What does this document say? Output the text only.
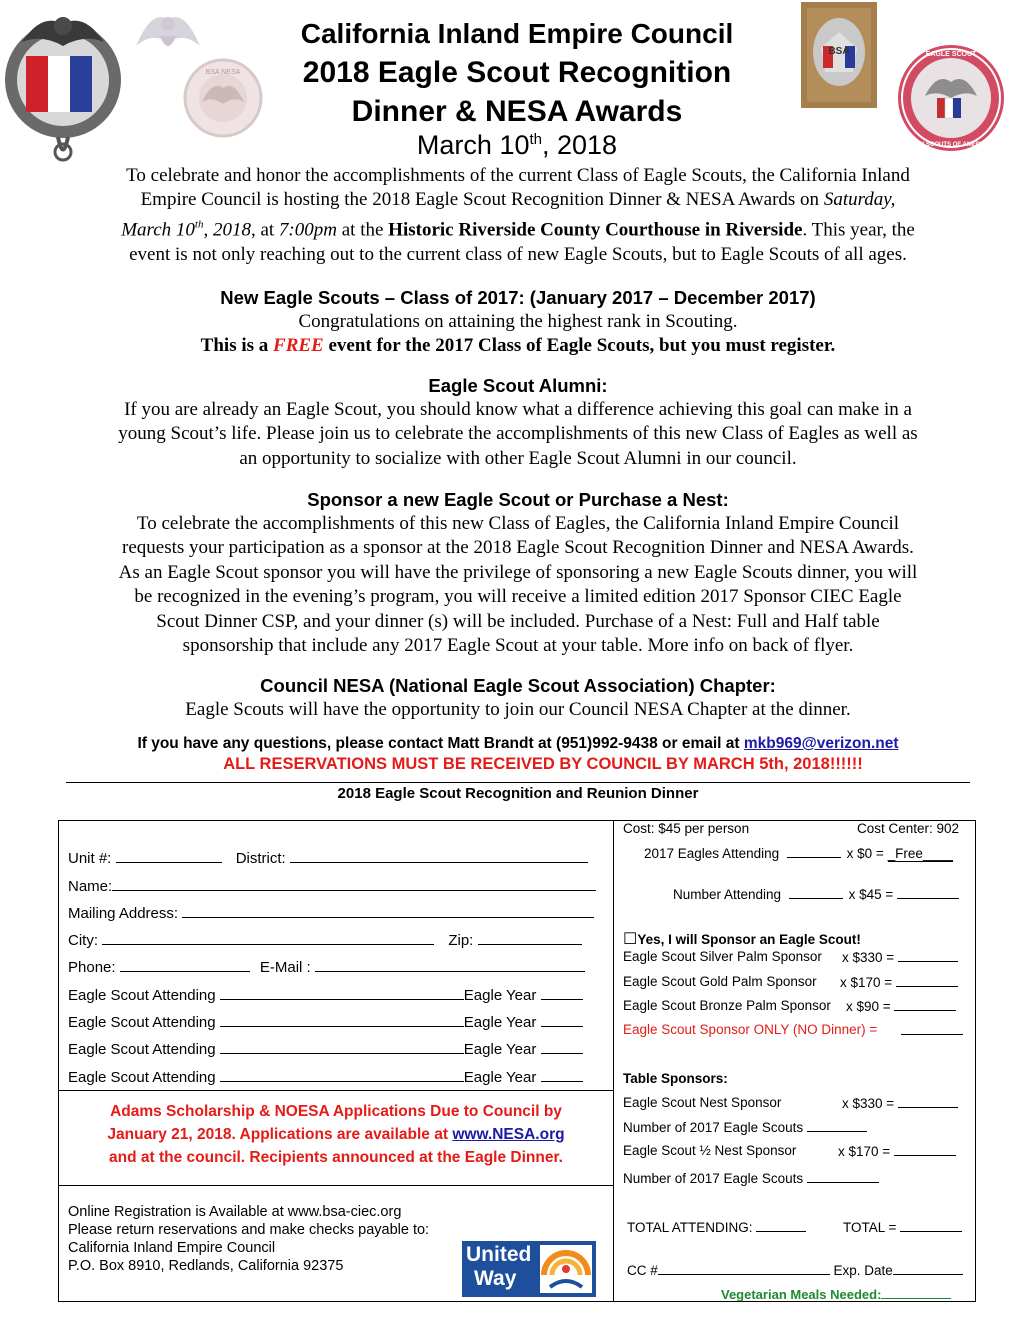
BSA NESA
BSA	EAGLE SCOUT
BOY SCOUTS OF AMERICA
California Inland Empire Council
2018 Eagle Scout Recognition
Dinner & NESA Awards
March 10th, 2018
To celebrate and honor the accomplishments of the current Class of Eagle Scouts, the California Inland
Empire Council is hosting the 2018 Eagle Scout Recognition Dinner & NESA Awards on Saturday,
March 10th, 2018, at 7:00pm at the Historic Riverside County Courthouse in Riverside. This year, the
event is not only reaching out to the current class of new Eagle Scouts, but to Eagle Scouts of all ages.
New Eagle Scouts – Class of 2017: (January 2017 – December 2017)
Congratulations on attaining the highest rank in Scouting.
This is a FREE event for the 2017 Class of Eagle Scouts, but you must register.
Eagle Scout Alumni:
If you are already an Eagle Scout, you should know what a difference achieving this goal can make in a
young Scout’s life. Please join us to celebrate the accomplishments of this new Class of Eagles as well as
an opportunity to socialize with other Eagle Scout Alumni in our council.
Sponsor a new Eagle Scout or Purchase a Nest:
To celebrate the accomplishments of this new Class of Eagles, the California Inland Empire Council
requests your participation as a sponsor at the 2018 Eagle Scout Recognition Dinner and NESA Awards.
As an Eagle Scout sponsor you will have the privilege of sponsoring a new Eagle Scouts dinner, you will
be recognized in the evening’s program, you will receive a limited edition 2017 Sponsor CIEC Eagle
Scout Dinner CSP, and your dinner (s) will be included. Purchase of a Nest: Full and Half table
sponsorship that include any 2017 Eagle Scout at your table. More info on back of flyer.
Council NESA (National Eagle Scout Association) Chapter:
Eagle Scouts will have the opportunity to join our Council NESA Chapter at the dinner.
If you have any questions, please contact Matt Brandt at (951)992-9438 or email at mkb969@verizon.net
ALL RESERVATIONS MUST BE RECEIVED BY COUNCIL BY MARCH 5th, 2018!!!!!!
2018 Eagle Scout Recognition and Reunion Dinner
Unit #:	District:
Name:
Mailing Address:
City:	Zip:
Phone:	E-Mail :
Eagle Scout Attending	Eagle Year
Eagle Scout Attending	Eagle Year
Eagle Scout Attending	Eagle Year
Eagle Scout Attending	Eagle Year
Adams Scholarship & NOESA Applications Due to Council by
January 21, 2018. Applications are available at www.NESA.org
and at the council. Recipients announced at the Eagle Dinner.
Online Registration is Available at www.bsa-ciec.org
Please return reservations and make checks payable to:
California Inland Empire Council
P.O. Box 8910, Redlands, California 92375	United
Way	TM
Cost: $45 per person	Cost Center: 902
2017 Eagles Attending	x $0 = _Free____
Number Attending	x $45 =
☐Yes, I will Sponsor an Eagle Scout!
Eagle Scout Silver Palm Sponsor x $330 =
Eagle Scout Gold Palm Sponsor x $170 =
Eagle Scout Bronze Palm Sponsor x $90 =
Eagle Scout Sponsor ONLY (NO Dinner) =
Table Sponsors:
Eagle Scout Nest Sponsor	x $330 =
Number of 2017 Eagle Scouts
Eagle Scout ½ Nest Sponsor	x $170 =
Number of 2017 Eagle Scouts
TOTAL ATTENDING:	TOTAL =
CC #	Exp. Date
Vegetarian Meals Needed:
